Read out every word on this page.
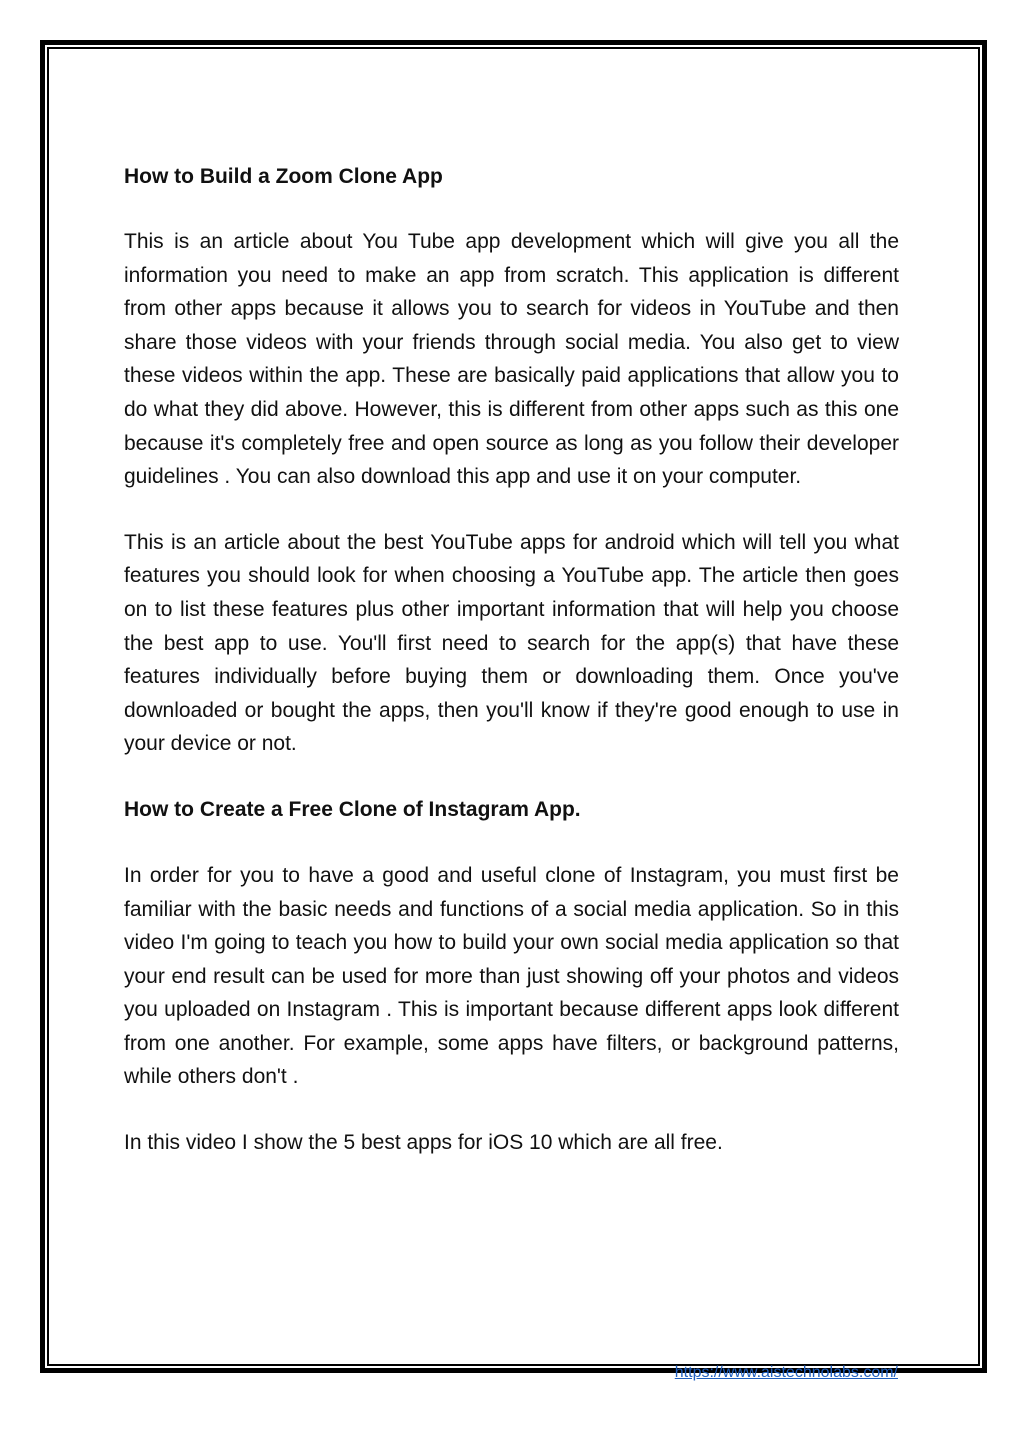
How to Build a Zoom Clone App

This is an article about You Tube app development which will give you all the information you need to make an app from scratch. This application is different from other apps because it allows you to search for videos in YouTube and then share those videos with your friends through social media. You also get to view these videos within the app. These are basically paid applications that allow you to do what they did above. However, this is different from other apps such as this one because it's completely free and open source as long as you follow their developer guidelines . You can also download this app and use it on your computer.

This is an article about the best YouTube apps for android which will tell you what features you should look for when choosing a YouTube app. The article then goes on to list these features plus other important information that will help you choose the best app to use. You'll first need to search for the app(s) that have these features individually before buying them or downloading them. Once you've downloaded or bought the apps, then you'll know if they're good enough to use in your device or not.

How to Create a Free Clone of Instagram App.

In order for you to have a good and useful clone of Instagram, you must first be familiar with the basic needs and functions of a social media application. So in this video I'm going to teach you how to build your own social media application so that your end result can be used for more than just showing off your photos and videos you uploaded on Instagram . This is important because different apps look different from one another. For example, some apps have filters, or background patterns, while others don't .

In this video I show the 5 best apps for iOS 10 which are all free.

https://www.aistechnolabs.com/
